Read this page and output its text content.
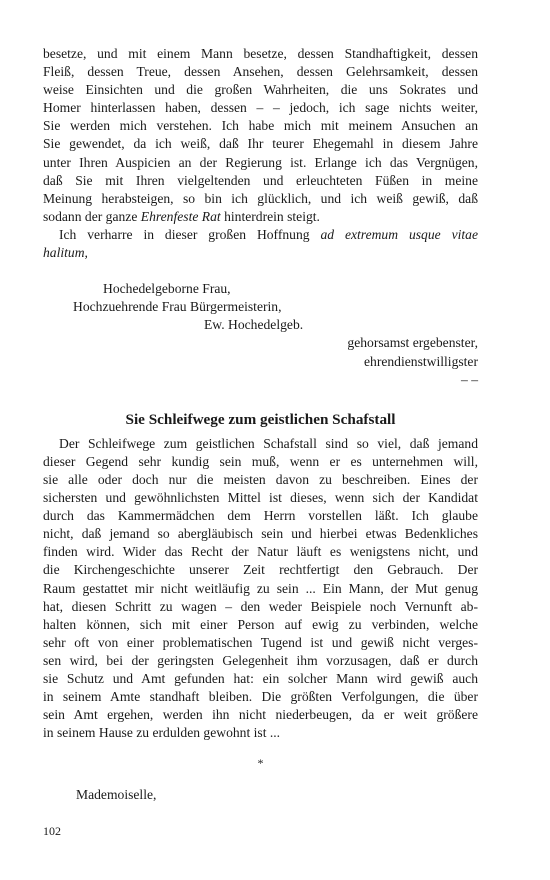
besetze, und mit einem Mann besetze, dessen Standhaftigkeit, dessen
Fleiß, dessen Treue, dessen Ansehen, dessen Gelehrsamkeit, dessen
weise Einsichten und die großen Wahrheiten, die uns Sokrates und
Homer hinterlassen haben, dessen – – jedoch, ich sage nichts weiter,
Sie werden mich verstehen. Ich habe mich mit meinem Ansuchen an
Sie gewendet, da ich weiß, daß Ihr teurer Ehegemahl in diesem Jahre
unter Ihren Auspicien an der Regierung ist. Erlange ich das Vergnügen,
daß Sie mit Ihren vielgeltenden und erleuchteten Füßen in meine
Meinung herabsteigen, so bin ich glücklich, und ich weiß gewiß, daß
sodann der ganze Ehrenfeste Rat hinterdrein steigt.
Ich verharre in dieser großen Hoffnung ad extremum usque vitae
halitum,
Hochedelgeborne Frau,
Hochzuehrende Frau Bürgermeisterin,
Ew. Hochedelgeb.
gehorsamst ergebenster,
ehrendienstwilligster
– –
Sie Schleifwege zum geistlichen Schafstall
Der Schleifwege zum geistlichen Schafstall sind so viel, daß jemand
dieser Gegend sehr kundig sein muß, wenn er es unternehmen will,
sie alle oder doch nur die meisten davon zu beschreiben. Eines der
sichersten und gewöhnlichsten Mittel ist dieses, wenn sich der Kandidat
durch das Kammermädchen dem Herrn vorstellen läßt. Ich glaube
nicht, daß jemand so abergläubisch sein und hierbei etwas Bedenkliches
finden wird. Wider das Recht der Natur läuft es wenigstens nicht, und
die Kirchengeschichte unserer Zeit rechtfertigt den Gebrauch. Der
Raum gestattet mir nicht weitläufig zu sein ... Ein Mann, der Mut genug
hat, diesen Schritt zu wagen – den weder Beispiele noch Vernunft ab-
halten können, sich mit einer Person auf ewig zu verbinden, welche
sehr oft von einer problematischen Tugend ist und gewiß nicht verges-
sen wird, bei der geringsten Gelegenheit ihm vorzusagen, daß er durch
sie Schutz und Amt gefunden hat: ein solcher Mann wird gewiß auch
in seinem Amte standhaft bleiben. Die größten Verfolgungen, die über
sein Amt ergehen, werden ihn nicht niederbeugen, da er weit größere
in seinem Hause zu erdulden gewohnt ist ...
*
Mademoiselle,
102
